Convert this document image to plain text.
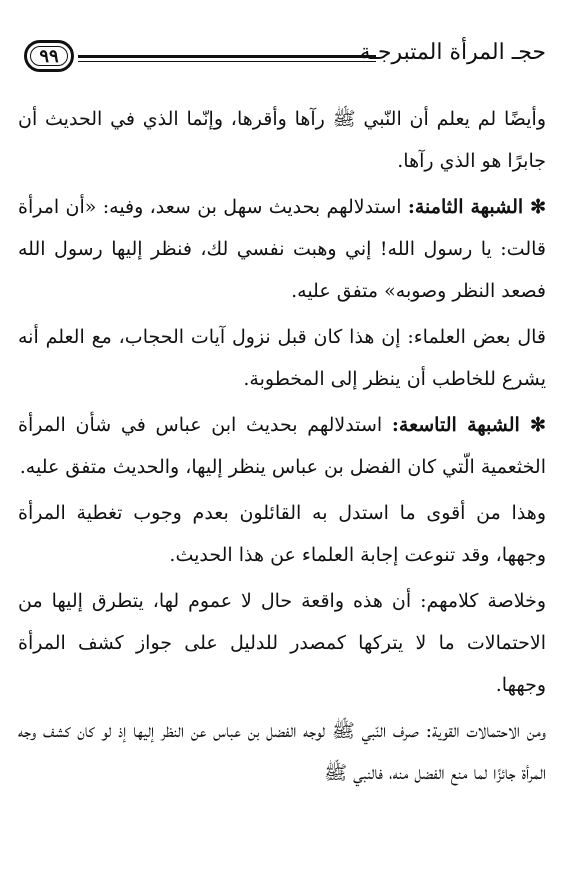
٩٩	حجـ المرأة المتبرجـة

وأيضًا لم يعلم أن النّبي ﷺ رآها وأقرها، وإنّما الذي في الحديث أن جابرًا هو الذي رآها.

✻ الشبهة الثامنة: استدلالهم بحديث سهل بن سعد، وفيه: «أن امرأة قالت: يا رسول الله! إني وهبت نفسي لك، فنظر إليها رسول الله فصعد النظر وصوبه» متفق عليه.

قال بعض العلماء: إن هذا كان قبل نزول آيات الحجاب، مع العلم أنه يشرع للخاطب أن ينظر إلى المخطوبة.

✻ الشبهة التاسعة: استدلالهم بحديث ابن عباس في شأن المرأة الخثعمية الّتي كان الفضل بن عباس ينظر إليها، والحديث متفق عليه.

وهذا من أقوى ما استدل به القائلون بعدم وجوب تغطية المرأة وجهها، وقد تنوعت إجابة العلماء عن هذا الحديث.

وخلاصة كلامهم: أن هذه واقعة حال لا عموم لها، يتطرق إليها من الاحتمالات ما لا يتركها كمصدر للدليل على جواز كشف المرأة وجهها.

ومن الاحتمالات القوية: صرف النّبي ﷺ لوجه الفضل بن عباس عن النظر إليها إذ لو كان كشف وجه المرأة جائزًا لما منع الفضل منه، فالنبي ﷺ
